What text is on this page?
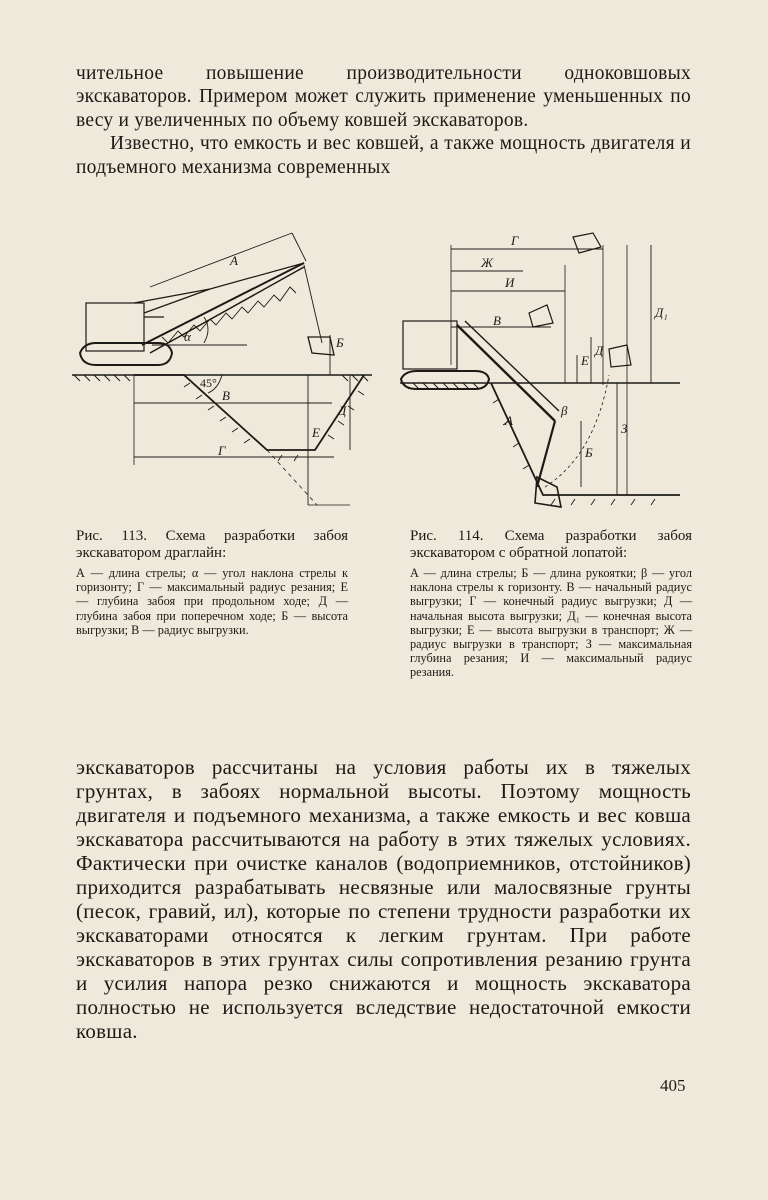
чительное повышение производительности одноковшовых экскаваторов. Примером может служить применение уменьшенных по весу и увеличенных по объему ковшей экскаваторов.

Известно, что емкость и вес ковшей, а также мощность двигателя и подъемного механизма современных

А
α	Б
В
Г
Д
Е
45°
Г
Ж
И
В
Д₁
Е
Д
А
Б
β
З

Рис. 113. Схема разработки забоя экскаватором драглайн:

А — длина стрелы; α — угол наклона стрелы к горизонту; Г — максимальный радиус резания; Е — глубина забоя при продольном ходе; Д — глубина забоя при поперечном ходе; Б — высота выгрузки; В — радиус выгрузки.

Рис. 114. Схема разработки забоя экскаватором с обратной лопатой:

А — длина стрелы; Б — длина рукоятки; β — угол наклона стрелы к горизонту. В — начальный радиус выгрузки; Г — конечный радиус выгрузки; Д — начальная высота выгрузки; Д₁ — конечная высота выгрузки; Е — высота выгрузки в транспорт; Ж — радиус выгрузки в транспорт; З — максимальная глубина резания; И — максимальный радиус резания.

экскаваторов рассчитаны на условия работы их в тяжелых грунтах, в забоях нормальной высоты. Поэтому мощность двигателя и подъемного механизма, а также емкость и вес ковша экскаватора рассчитываются на работу в этих тяжелых условиях. Фактически при очистке каналов (водоприемников, отстойников) приходится разрабатывать несвязные или малосвязные грунты (песок, гравий, ил), которые по степени трудности разработки их экскаваторами относятся к легким грунтам. При работе экскаваторов в этих грунтах силы сопротивления резанию грунта и усилия напора резко снижаются и мощность экскаватора полностью не используется вследствие недостаточной емкости ковша.

405
